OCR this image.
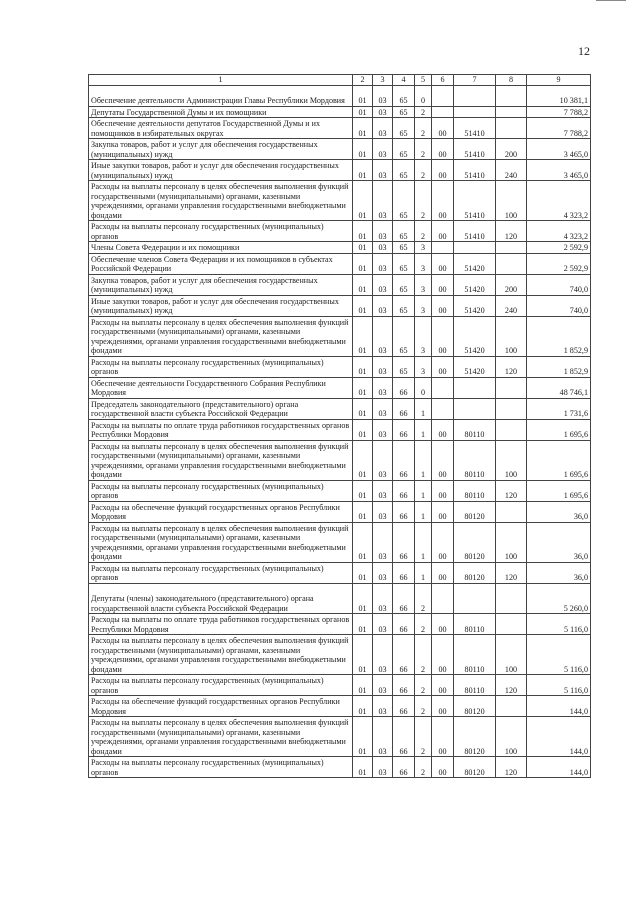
12
1	2	3	4	5	6	7	8	9
Обеспечение деятельности Администрации Главы Республики Мордовия	01	03	65	0				10 381,1
Депутаты Государственной Думы и их помощники	01	03	65	2				7 788,2
Обеспечение деятельности депутатов Государственной Думы и их помощников в избирательных округах	01	03	65	2	00	51410		7 788,2
Закупка товаров, работ и услуг для обеспечения государственных (муниципальных) нужд	01	03	65	2	00	51410	200	3 465,0
Иные закупки товаров, работ и услуг для обеспечения государственных (муниципальных) нужд	01	03	65	2	00	51410	240	3 465,0
Расходы на выплаты персоналу в целях обеспечения выполнения функций государственными (муниципальными) органами, казенными учреждениями, органами управления государственными внебюджетными фондами	01	03	65	2	00	51410	100	4 323,2
Расходы на выплаты персоналу государственных (муниципальных) органов	01	03	65	2	00	51410	120	4 323,2
Члены Совета Федерации и их помощники	01	03	65	3				2 592,9
Обеспечение членов Совета Федерации и их помощников в субъектах Российской Федерации	01	03	65	3	00	51420		2 592,9
Закупка товаров, работ и услуг для обеспечения государственных (муниципальных) нужд	01	03	65	3	00	51420	200	740,0
Иные закупки товаров, работ и услуг для обеспечения государственных (муниципальных) нужд	01	03	65	3	00	51420	240	740,0
Расходы на выплаты персоналу в целях обеспечения выполнения функций государственными (муниципальными) органами, казенными учреждениями, органами управления государственными внебюджетными фондами	01	03	65	3	00	51420	100	1 852,9
Расходы на выплаты персоналу государственных (муниципальных) органов	01	03	65	3	00	51420	120	1 852,9
Обеспечение деятельности Государственного Собрания Республики Мордовия	01	03	66	0				48 746,1
Председатель законодательного (представительного) органа государственной власти субъекта Российской Федерации	01	03	66	1				1 731,6
Расходы на выплаты по оплате труда работников государственных органов Республики Мордовия	01	03	66	1	00	80110		1 695,6
Расходы на выплаты персоналу в целях обеспечения выполнения функций государственными (муниципальными) органами, казенными учреждениями, органами управления государственными внебюджетными фондами	01	03	66	1	00	80110	100	1 695,6
Расходы на выплаты персоналу государственных (муниципальных) органов	01	03	66	1	00	80110	120	1 695,6
Расходы на обеспечение функций государственных органов Республики Мордовия	01	03	66	1	00	80120		36,0
Расходы на выплаты персоналу в целях обеспечения выполнения функций государственными (муниципальными) органами, казенными учреждениями, органами управления государственными внебюджетными фондами	01	03	66	1	00	80120	100	36,0
Расходы на выплаты персоналу государственных (муниципальных) органов	01	03	66	1	00	80120	120	36,0
Депутаты (члены) законодательного (представительного) органа государственной власти субъекта Российской Федерации	01	03	66	2				5 260,0
Расходы на выплаты по оплате труда работников государственных органов Республики Мордовия	01	03	66	2	00	80110		5 116,0
Расходы на выплаты персоналу в целях обеспечения выполнения функций государственными (муниципальными) органами, казенными учреждениями, органами управления государственными внебюджетными фондами	01	03	66	2	00	80110	100	5 116,0
Расходы на выплаты персоналу государственных (муниципальных) органов	01	03	66	2	00	80110	120	5 116,0
Расходы на обеспечение функций государственных органов Республики Мордовия	01	03	66	2	00	80120		144,0
Расходы на выплаты персоналу в целях обеспечения выполнения функций государственными (муниципальными) органами, казенными учреждениями, органами управления государственными внебюджетными фондами	01	03	66	2	00	80120	100	144,0
Расходы на выплаты персоналу государственных (муниципальных) органов	01	03	66	2	00	80120	120	144,0
